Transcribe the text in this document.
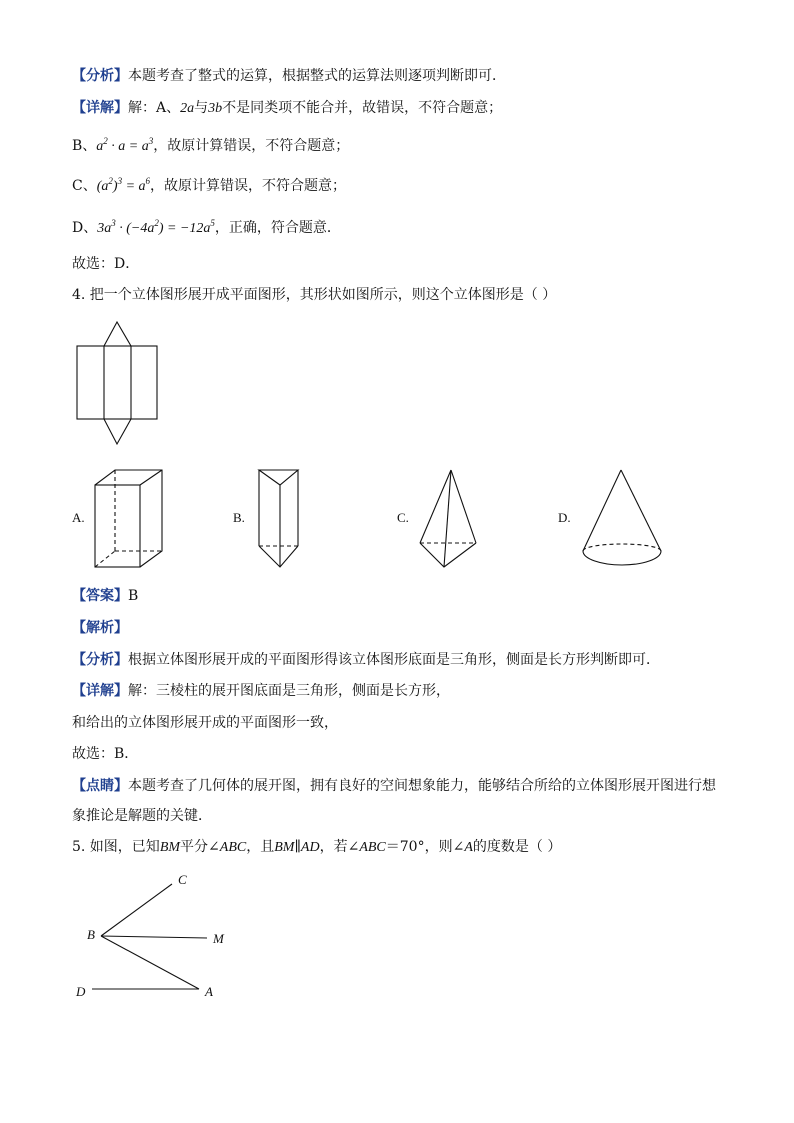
【分析】本题考查了整式的运算，根据整式的运算法则逐项判断即可．
【详解】解：A、2a与3b不是同类项不能合并，故错误，不符合题意；
B、$a^2 \cdot a = a^3$，故原计算错误，不符合题意；
C、$(a^2)^3 = a^6$，故原计算错误，不符合题意；
D、$3a^3 \cdot (-4a^2) = -12a^5$，正确，符合题意．
故选：D．
4. 把一个立体图形展开成平面图形，其形状如图所示，则这个立体图形是（ ）
A.	B.	C.	D.
【答案】B
【解析】
【分析】根据立体图形展开成的平面图形得该立体图形底面是三角形，侧面是长方形判断即可．
【详解】解：三棱柱的展开图底面是三角形，侧面是长方形，
和给出的立体图形展开成的平面图形一致，
故选：B．
【点睛】本题考查了几何体的展开图，拥有良好的空间想象能力，能够结合所给的立体图形展开图进行想
象推论是解题的关键．
5. 如图，已知BM平分∠ABC，且BM∥AD，若∠ABC＝70°，则∠A的度数是（ ）
C
B	M
D	A
